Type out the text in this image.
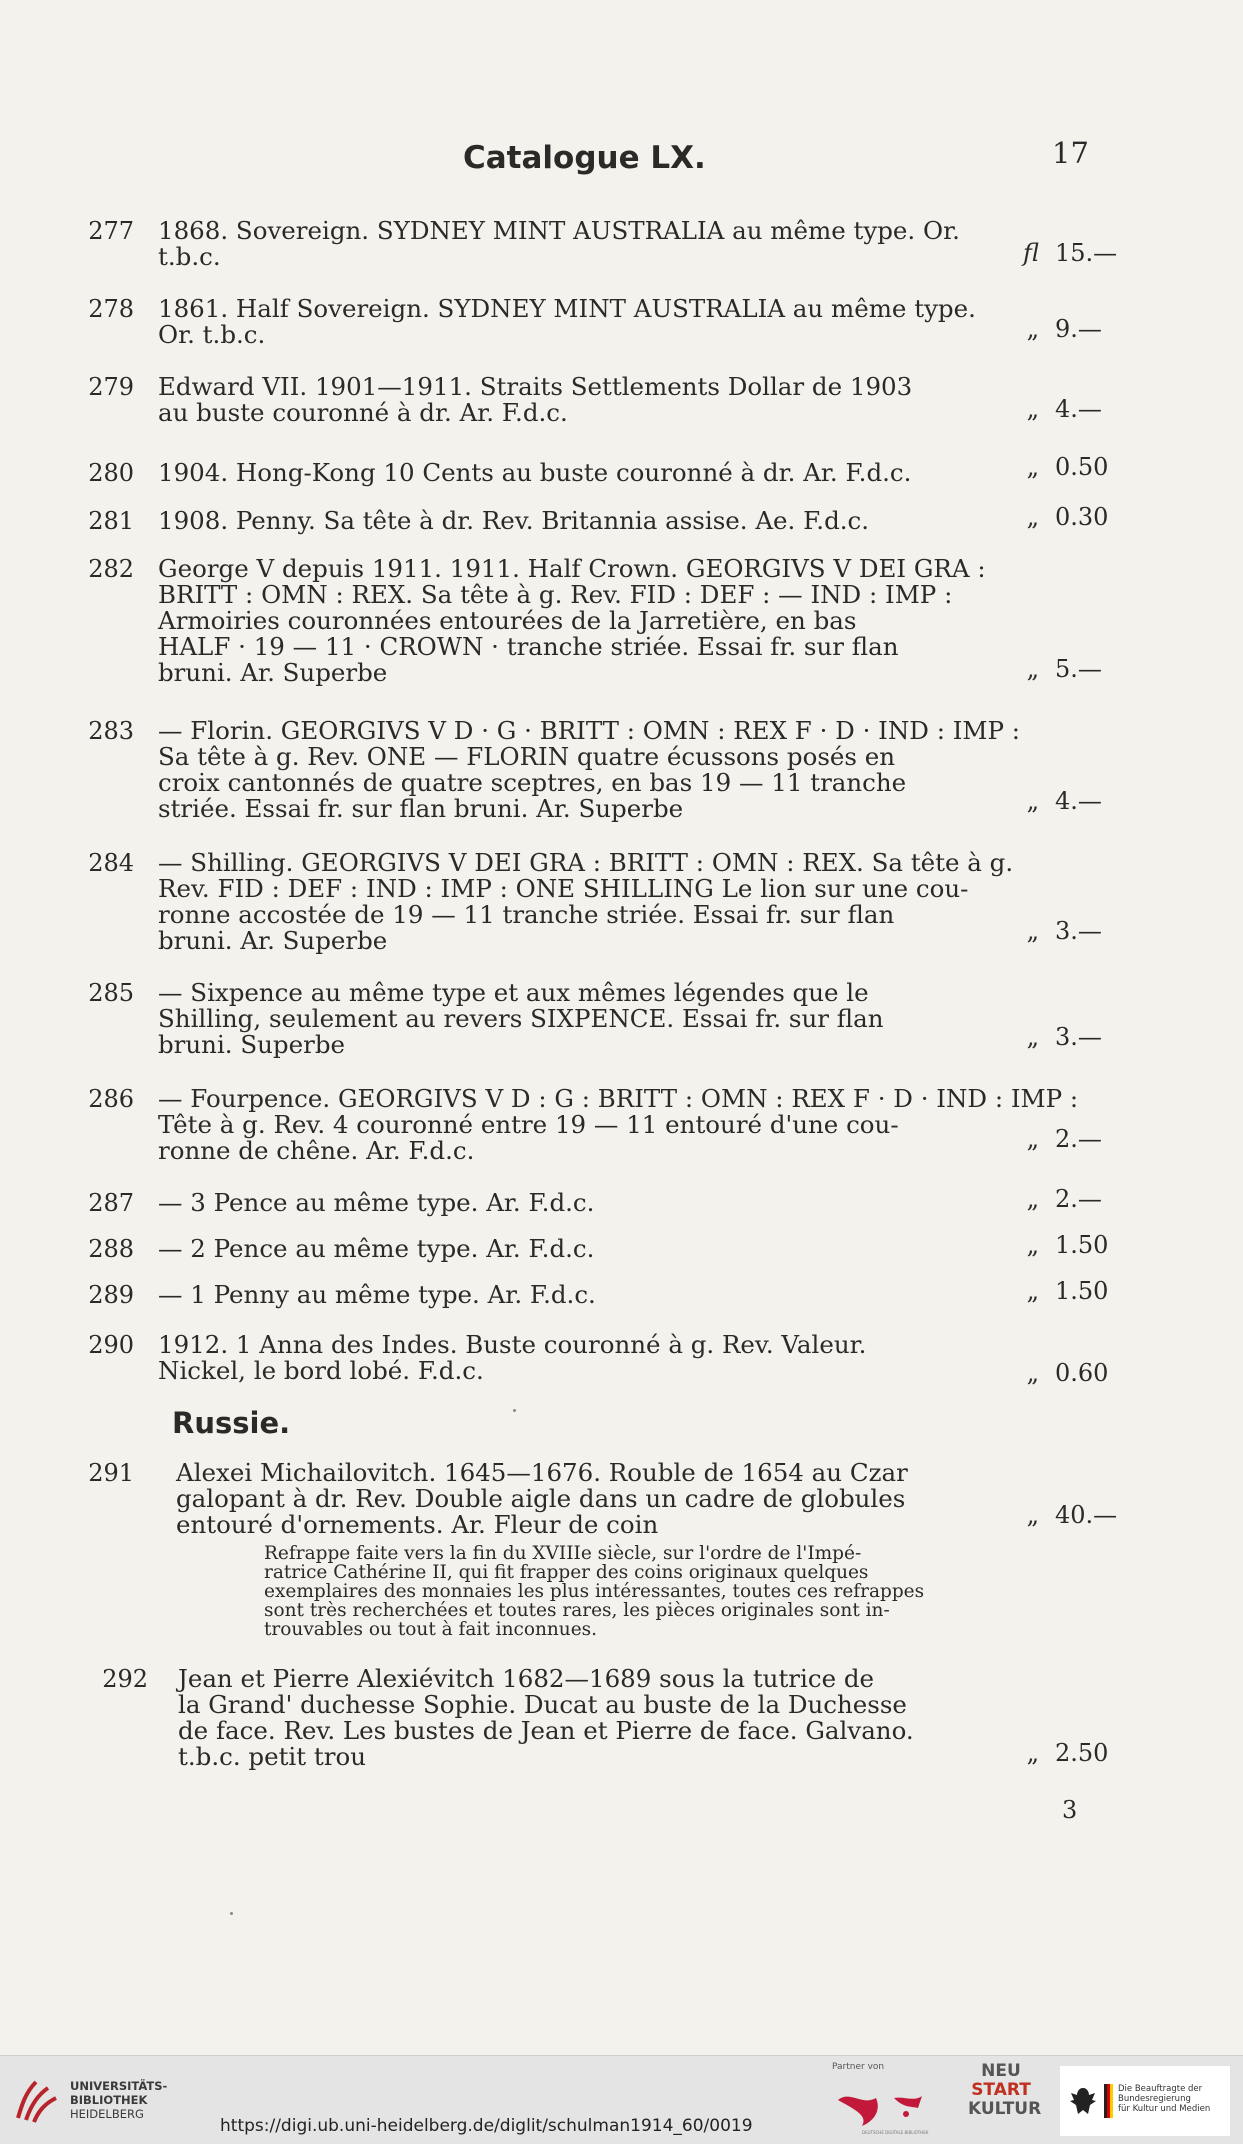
Catalogue LX.	17
277 1868. Sovereign. SYDNEY MINT AUSTRALIA au même type. Or.
t.b.c.	fl 15.—
278 1861. Half Sovereign. SYDNEY MINT AUSTRALIA au même type.
Or. t.b.c.	„ 9.—
279 Edward VII. 1901—1911. Straits Settlements Dollar de 1903
au buste couronné à dr. Ar. F.d.c.	„ 4.—
280 1904. Hong-Kong 10 Cents au buste couronné à dr. Ar. F.d.c.	„ 0.50
281 1908. Penny. Sa tête à dr. Rev. Britannia assise. Ae. F.d.c.	„ 0.30
282 George V depuis 1911. 1911. Half Crown. GEORGIVS V DEI GRA :
BRITT : OMN : REX. Sa tête à g. Rev. FID : DEF : — IND : IMP :
Armoiries couronnées entourées de la Jarretière, en bas
HALF · 19 — 11 · CROWN · tranche striée. Essai fr. sur flan
bruni. Ar. Superbe	„ 5.—
283 — Florin. GEORGIVS V D · G · BRITT : OMN : REX F · D · IND : IMP :
Sa tête à g. Rev. ONE — FLORIN quatre écussons posés en
croix cantonnés de quatre sceptres, en bas 19 — 11 tranche
striée. Essai fr. sur flan bruni. Ar. Superbe	„ 4.—
284 — Shilling. GEORGIVS V DEI GRA : BRITT : OMN : REX. Sa tête à g.
Rev. FID : DEF : IND : IMP : ONE SHILLING Le lion sur une cou-
ronne accostée de 19 — 11 tranche striée. Essai fr. sur flan
bruni. Ar. Superbe	„ 3.—
285 — Sixpence au même type et aux mêmes légendes que le
Shilling, seulement au revers SIXPENCE. Essai fr. sur flan
bruni. Superbe	„ 3.—
286 — Fourpence. GEORGIVS V D : G : BRITT : OMN : REX F · D · IND : IMP :
Tête à g. Rev. 4 couronné entre 19 — 11 entouré d'une cou-
ronne de chêne. Ar. F.d.c.	„ 2.—
287 — 3 Pence au même type. Ar. F.d.c.	„ 2.—
288 — 2 Pence au même type. Ar. F.d.c.	„ 1.50
289 — 1 Penny au même type. Ar. F.d.c.	„ 1.50
290 1912. 1 Anna des Indes. Buste couronné à g. Rev. Valeur.
Nickel, le bord lobé. F.d.c.	„ 0.60
Russie.
291 Alexei Michailovitch. 1645—1676. Rouble de 1654 au Czar
galopant à dr. Rev. Double aigle dans un cadre de globules
entouré d'ornements. Ar. Fleur de coin
Refrappe faite vers la fin du XVIIIe siècle, sur l'ordre de l'Impé-
ratrice Cathérine II, qui fit frapper des coins originaux quelques
exemplaires des monnaies les plus intéressantes, toutes ces refrappes
sont très recherchées et toutes rares, les pièces originales sont in-
trouvables ou tout à fait inconnues.
„ 40.—
292 Jean et Pierre Alexiévitch 1682—1689 sous la tutrice de
la Grand' duchesse Sophie. Ducat au buste de la Duchesse
de face. Rev. Les bustes de Jean et Pierre de face. Galvano.
t.b.c. petit trou	„ 2.50
3
UNIVERSITÄTS-
BIBLIOTHEK
HEIDELBERG
https://digi.ub.uni-heidelberg.de/diglit/schulman1914_60/0019
Partner von
DEUTSCHE DIGITALE BIBLIOTHEK
NEU
START
KULTUR
Die Beauftragte der Bundesregierung
für Kultur und Medien
